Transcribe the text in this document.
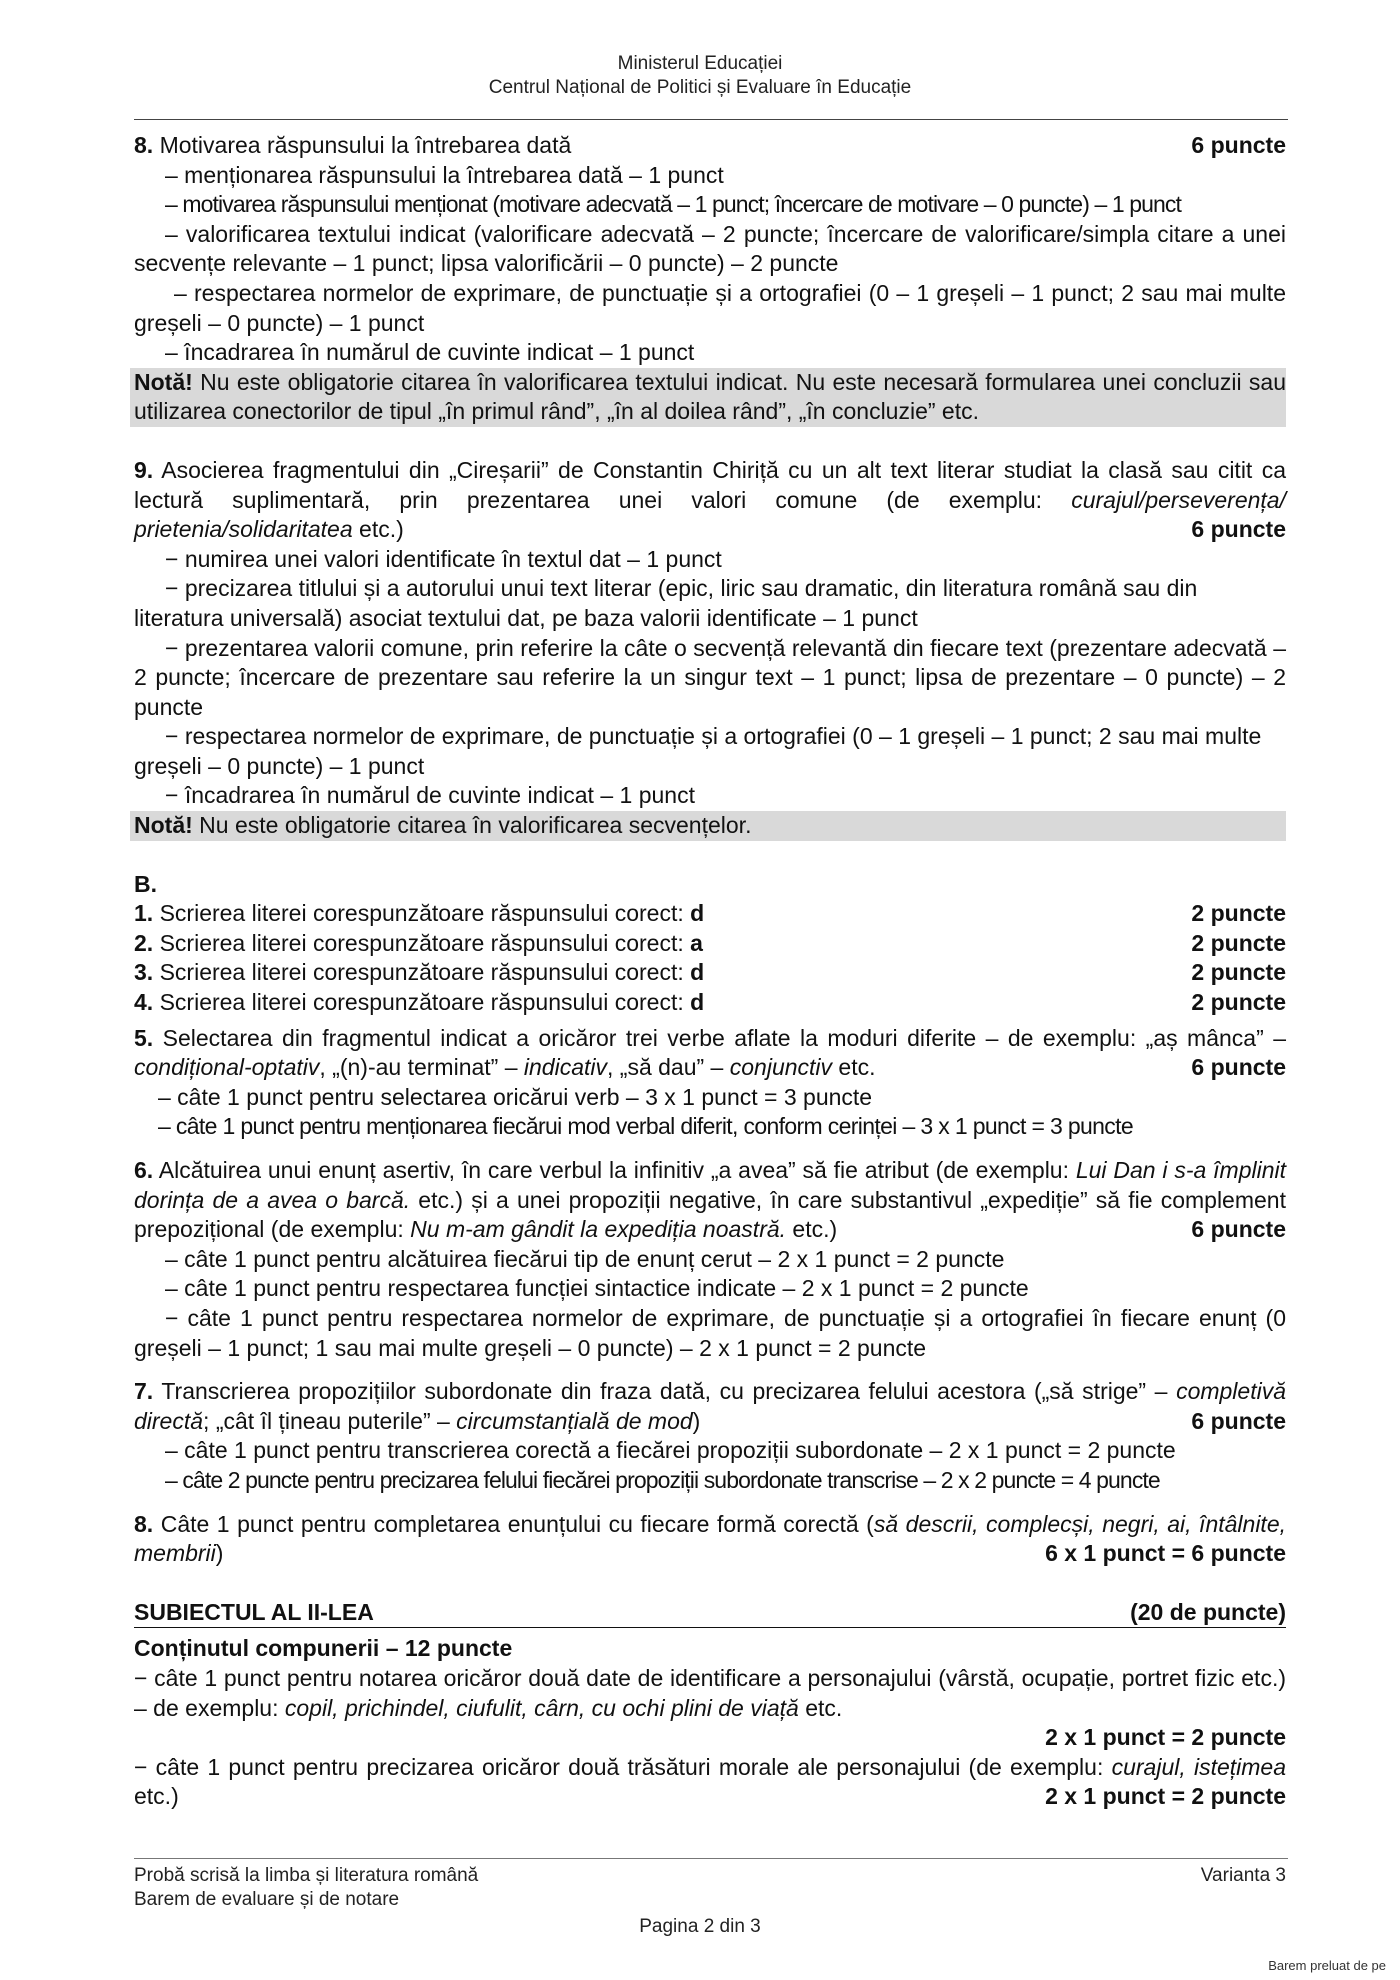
Ministerul Educației
Centrul Național de Politici și Evaluare în Educație
8. Motivarea răspunsului la întrebarea dată	6 puncte

– menționarea răspunsului la întrebarea dată – 1 punct

– motivarea răspunsului menționat (motivare adecvată – 1 punct; încercare de motivare – 0 puncte) – 1 punct

– valorificarea textului indicat (valorificare adecvată – 2 puncte; încercare de valorificare/simpla citare a unei secvențe relevante – 1 punct; lipsa valorificării – 0 puncte) – 2 puncte

– respectarea normelor de exprimare, de punctuație și a ortografiei (0 – 1 greșeli – 1 punct; 2 sau mai multe greșeli – 0 puncte) – 1 punct

– încadrarea în numărul de cuvinte indicat – 1 punct

Notă! Nu este obligatorie citarea în valorificarea textului indicat. Nu este necesară formularea unei concluzii sau utilizarea conectorilor de tipul „în primul rând”, „în al doilea rând”, „în concluzie” etc.

9. Asocierea fragmentului din „Cireșarii” de Constantin Chiriță cu un alt text literar studiat la clasă sau citit ca lectură suplimentară, prin prezentarea unei valori comune (de exemplu: curajul/perseverența/ prietenia/solidaritatea etc.)	6 puncte

− numirea unei valori identificate în textul dat – 1 punct

− precizarea titlului și a autorului unui text literar (epic, liric sau dramatic, din literatura română sau din literatura universală) asociat textului dat, pe baza valorii identificate – 1 punct

− prezentarea valorii comune, prin referire la câte o secvență relevantă din fiecare text (prezentare adecvată – 2 puncte; încercare de prezentare sau referire la un singur text – 1 punct; lipsa de prezentare – 0 puncte) – 2 puncte

− respectarea normelor de exprimare, de punctuație și a ortografiei (0 – 1 greșeli – 1 punct; 2 sau mai multe greșeli – 0 puncte) – 1 punct

− încadrarea în numărul de cuvinte indicat – 1 punct

Notă! Nu este obligatorie citarea în valorificarea secvențelor.

B.

1. Scrierea literei corespunzătoare răspunsului corect: d	2 puncte
2. Scrierea literei corespunzătoare răspunsului corect: a	2 puncte
3. Scrierea literei corespunzătoare răspunsului corect: d	2 puncte
4. Scrierea literei corespunzătoare răspunsului corect: d	2 puncte

5. Selectarea din fragmentul indicat a oricăror trei verbe aflate la moduri diferite – de exemplu: „aș mânca” – condițional-optativ, „(n)-au terminat” – indicativ, „să dau” – conjunctiv etc.	6 puncte

– câte 1 punct pentru selectarea oricărui verb – 3 x 1 punct = 3 puncte

– câte 1 punct pentru menționarea fiecărui mod verbal diferit, conform cerinței – 3 x 1 punct = 3 puncte

6. Alcătuirea unui enunț asertiv, în care verbul la infinitiv „a avea” să fie atribut (de exemplu: Lui Dan i s-a împlinit dorința de a avea o barcă. etc.) și a unei propoziții negative, în care substantivul „expediție” să fie complement prepozițional (de exemplu: Nu m-am gândit la expediția noastră. etc.)	6 puncte

– câte 1 punct pentru alcătuirea fiecărui tip de enunț cerut – 2 x 1 punct = 2 puncte

– câte 1 punct pentru respectarea funcției sintactice indicate – 2 x 1 punct = 2 puncte

− câte 1 punct pentru respectarea normelor de exprimare, de punctuație și a ortografiei în fiecare enunț (0 greșeli – 1 punct; 1 sau mai multe greșeli – 0 puncte) – 2 x 1 punct = 2 puncte

7. Transcrierea propozițiilor subordonate din fraza dată, cu precizarea felului acestora („să strige” – completivă directă; „cât îl țineau puterile” – circumstanțială de mod)	6 puncte

– câte 1 punct pentru transcrierea corectă a fiecărei propoziții subordonate – 2 x 1 punct = 2 puncte

– câte 2 puncte pentru precizarea felului fiecărei propoziții subordonate transcrise – 2 x 2 puncte = 4 puncte

8. Câte 1 punct pentru completarea enunțului cu fiecare formă corectă (să descrii, complecși, negri, ai, întâlnite, membrii)	6 x 1 punct = 6 puncte

SUBIECTUL AL II-LEA	(20 de puncte)

Conținutul compunerii – 12 puncte

− câte 1 punct pentru notarea oricăror două date de identificare a personajului (vârstă, ocupație, portret fizic etc.) – de exemplu: copil, prichindel, ciufulit, cârn, cu ochi plini de viață etc.

2 x 1 punct = 2 puncte

− câte 1 punct pentru precizarea oricăror două trăsături morale ale personajului (de exemplu: curajul, istețimea etc.)	2 x 1 punct = 2 puncte

Probă scrisă la limba și literatura română	Varianta 3
Barem de evaluare și de notare
Pagina 2 din 3
Barem preluat de pe
